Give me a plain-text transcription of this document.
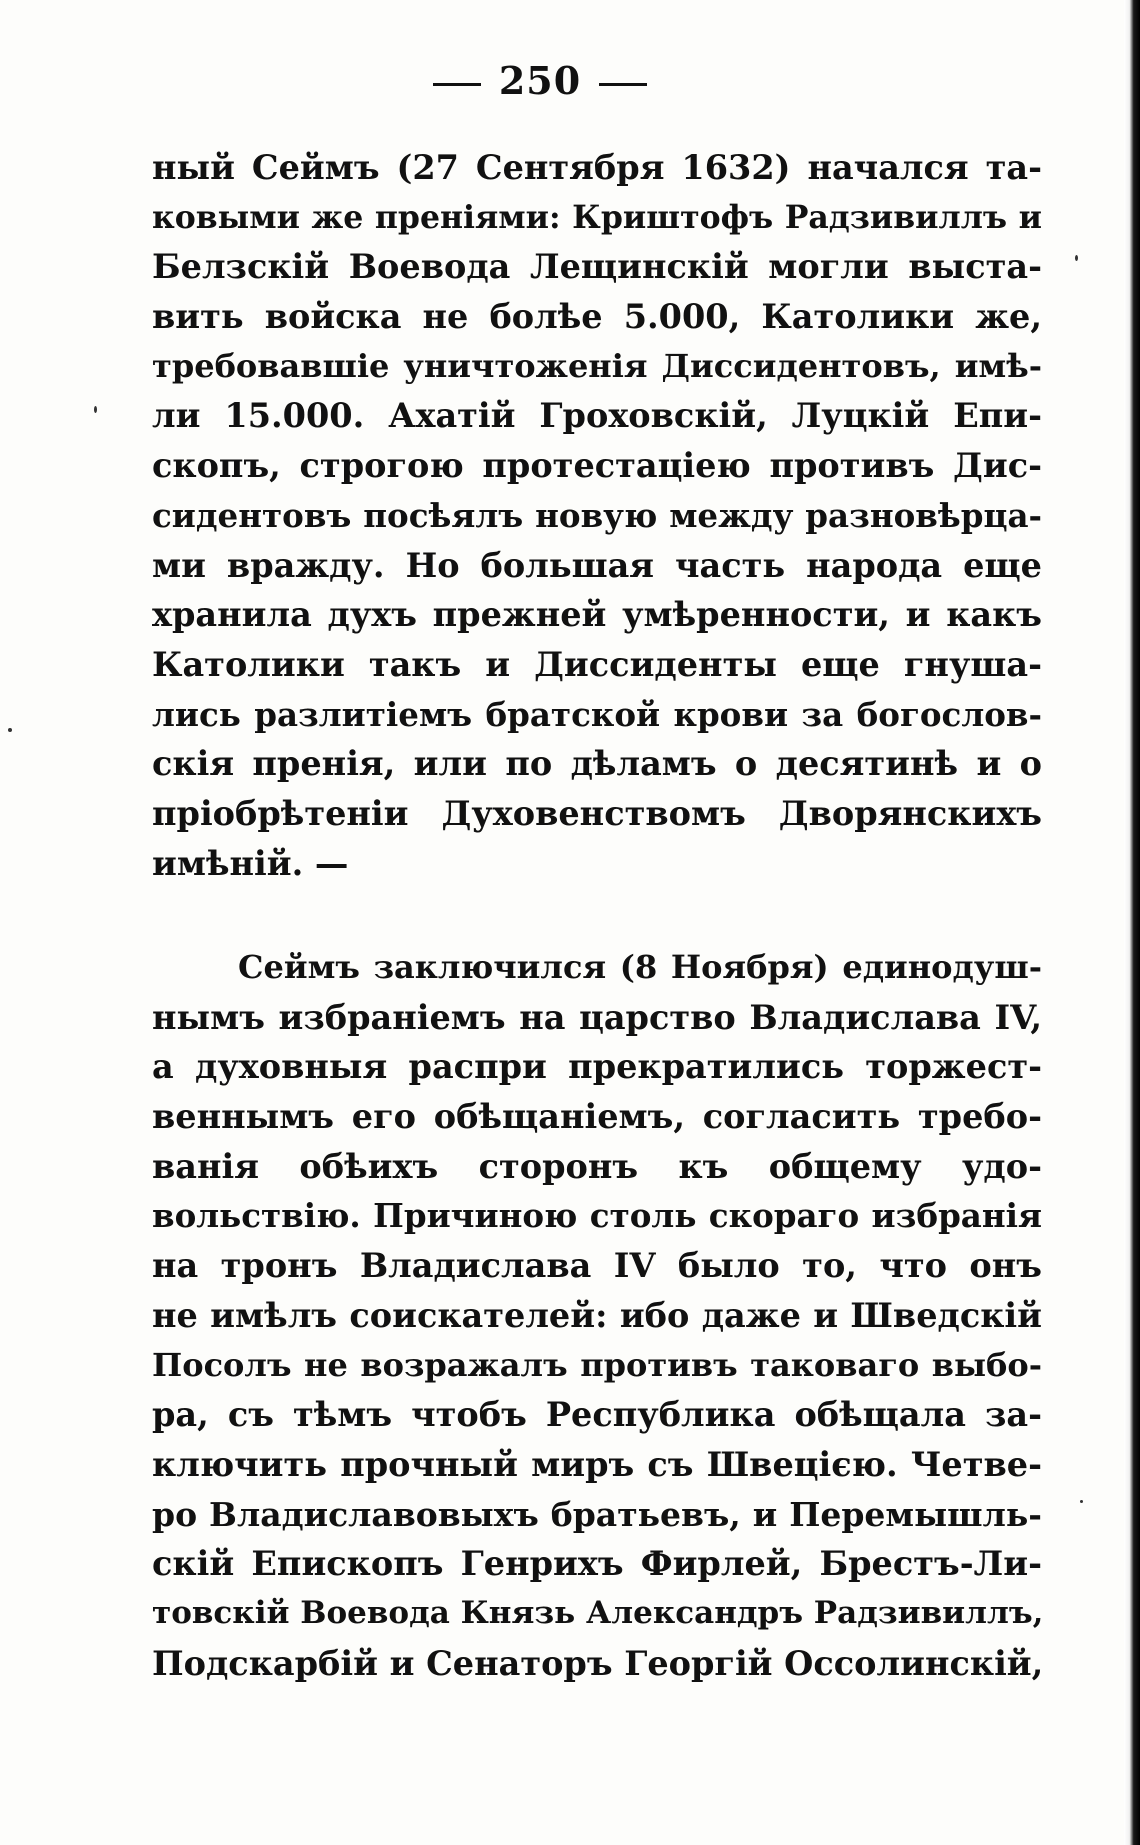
250
ный Сеймъ (27 Сентября 1632) начался та-
ковыми же преніями: Криштофъ Радзивиллъ и
Белзскій Воевода Лещинскій могли выста-
вить войска не болѣе 5.000, Католики же,
требовавшіе уничтоженія Диссидентовъ, имѣ-
ли 15.000. Ахатій Гроховскій, Луцкій Епи-
скопъ, строгою протестаціею противъ Дис-
сидентовъ посѣялъ новую между разновѣрца-
ми вражду. Но большая часть народа еще
хранила духъ прежней умѣренности, и какъ
Католики такъ и Диссиденты еще гнуша-
лись разлитіемъ братской крови за богослов-
скія пренія, или по дѣламъ о десятинѣ и о
пріобрѣтеніи Духовенствомъ Дворянскихъ
имѣній. —
Сеймъ заключился (8 Ноября) единодуш-
нымъ избраніемъ на царство Владислава IV,
а духовныя распри прекратились торжест-
веннымъ его обѣщаніемъ, согласить требо-
ванія обѣихъ сторонъ къ общему удо-
вольствію. Причиною столь скораго избранія
на тронъ Владислава IV было то, что онъ
не имѣлъ соискателей: ибо даже и Шведскій
Посолъ не возражалъ противъ таковаго выбо-
ра, съ тѣмъ чтобъ Республика обѣщала за-
ключить прочный миръ съ Швецією. Четве-
ро Владиславовыхъ братьевъ, и Перемышль-
скій Епископъ Генрихъ Фирлей, Брестъ-Ли-
товскій Воевода Князь Александръ Радзивиллъ,
Подскарбій и Сенаторъ Георгій Оссолинскій,
